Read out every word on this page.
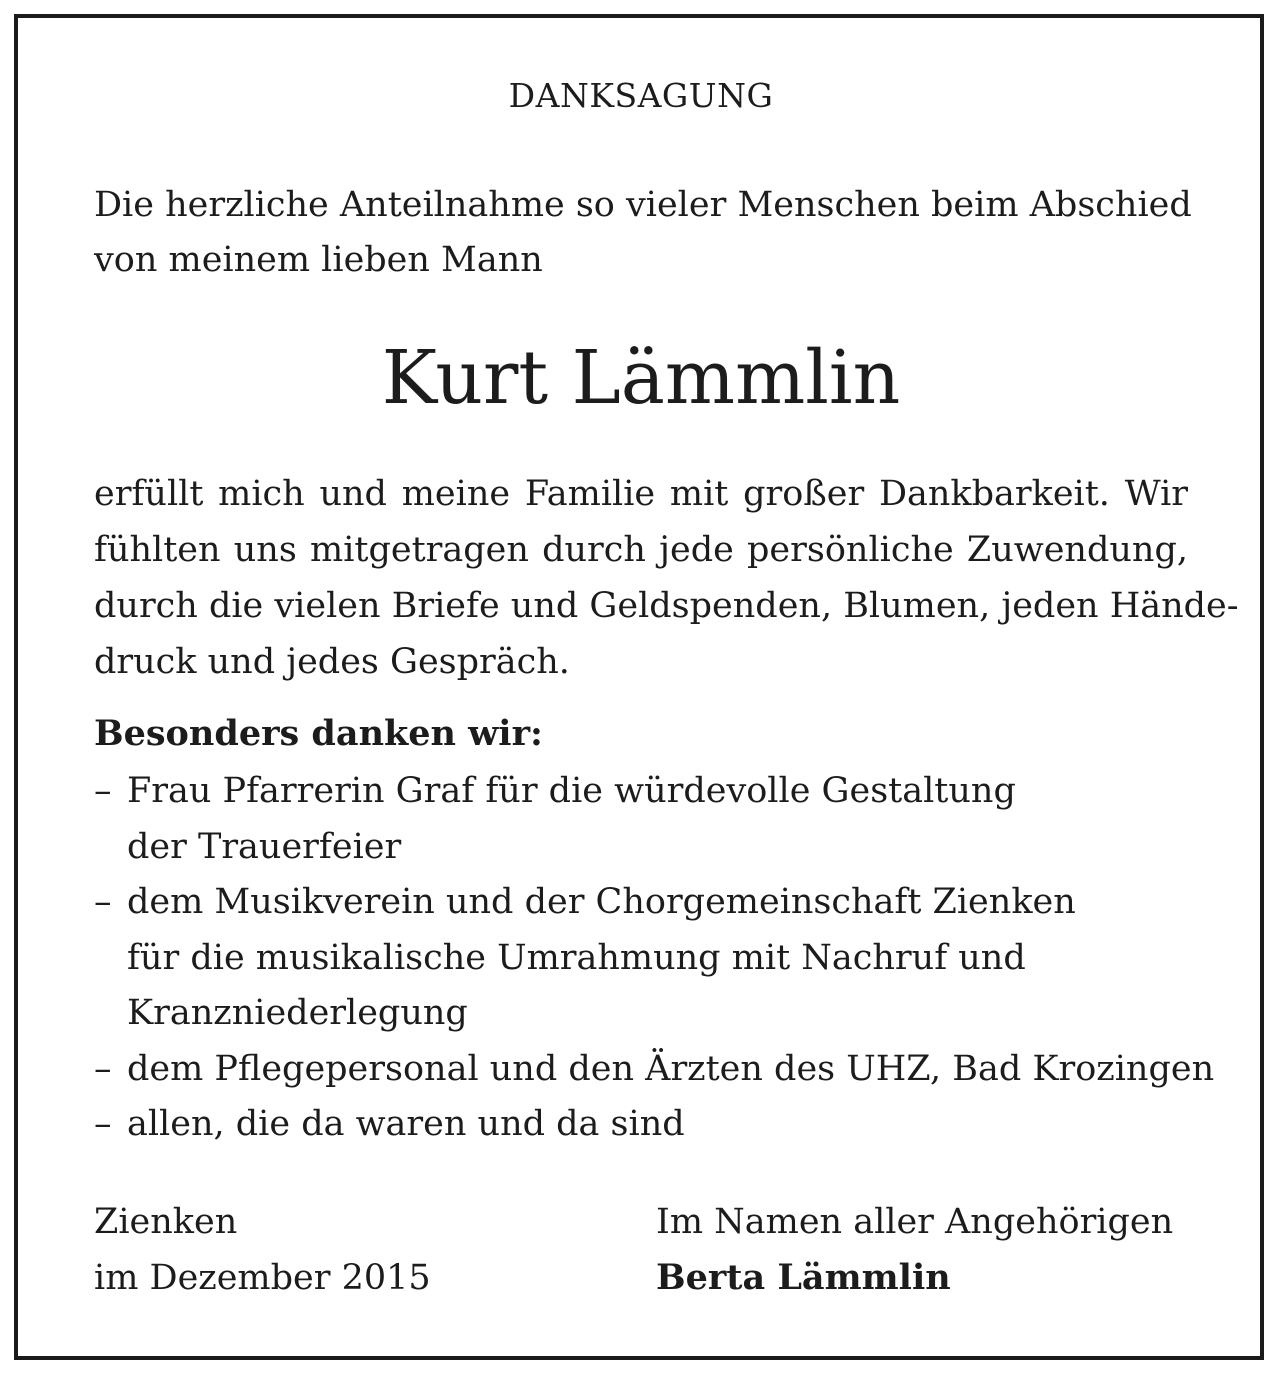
DANKSAGUNG
Die herzliche Anteilnahme so vieler Menschen beim Abschied
von meinem lieben Mann
Kurt Lämmlin
erfüllt mich und meine Familie mit großer Dankbarkeit. Wir
fühlten uns mitgetragen durch jede persönliche Zuwendung,
durch die vielen Briefe und Geldspenden, Blumen, jeden Hände-
druck und jedes Gespräch.
Besonders danken wir:
– Frau Pfarrerin Graf für die würdevolle Gestaltung
der Trauerfeier
– dem Musikverein und der Chorgemeinschaft Zienken
für die musikalische Umrahmung mit Nachruf und
Kranzniederlegung
– dem Pflegepersonal und den Ärzten des UHZ, Bad Krozingen
– allen, die da waren und da sind
Zienken
im Dezember 2015
Im Namen aller Angehörigen
Berta Lämmlin
